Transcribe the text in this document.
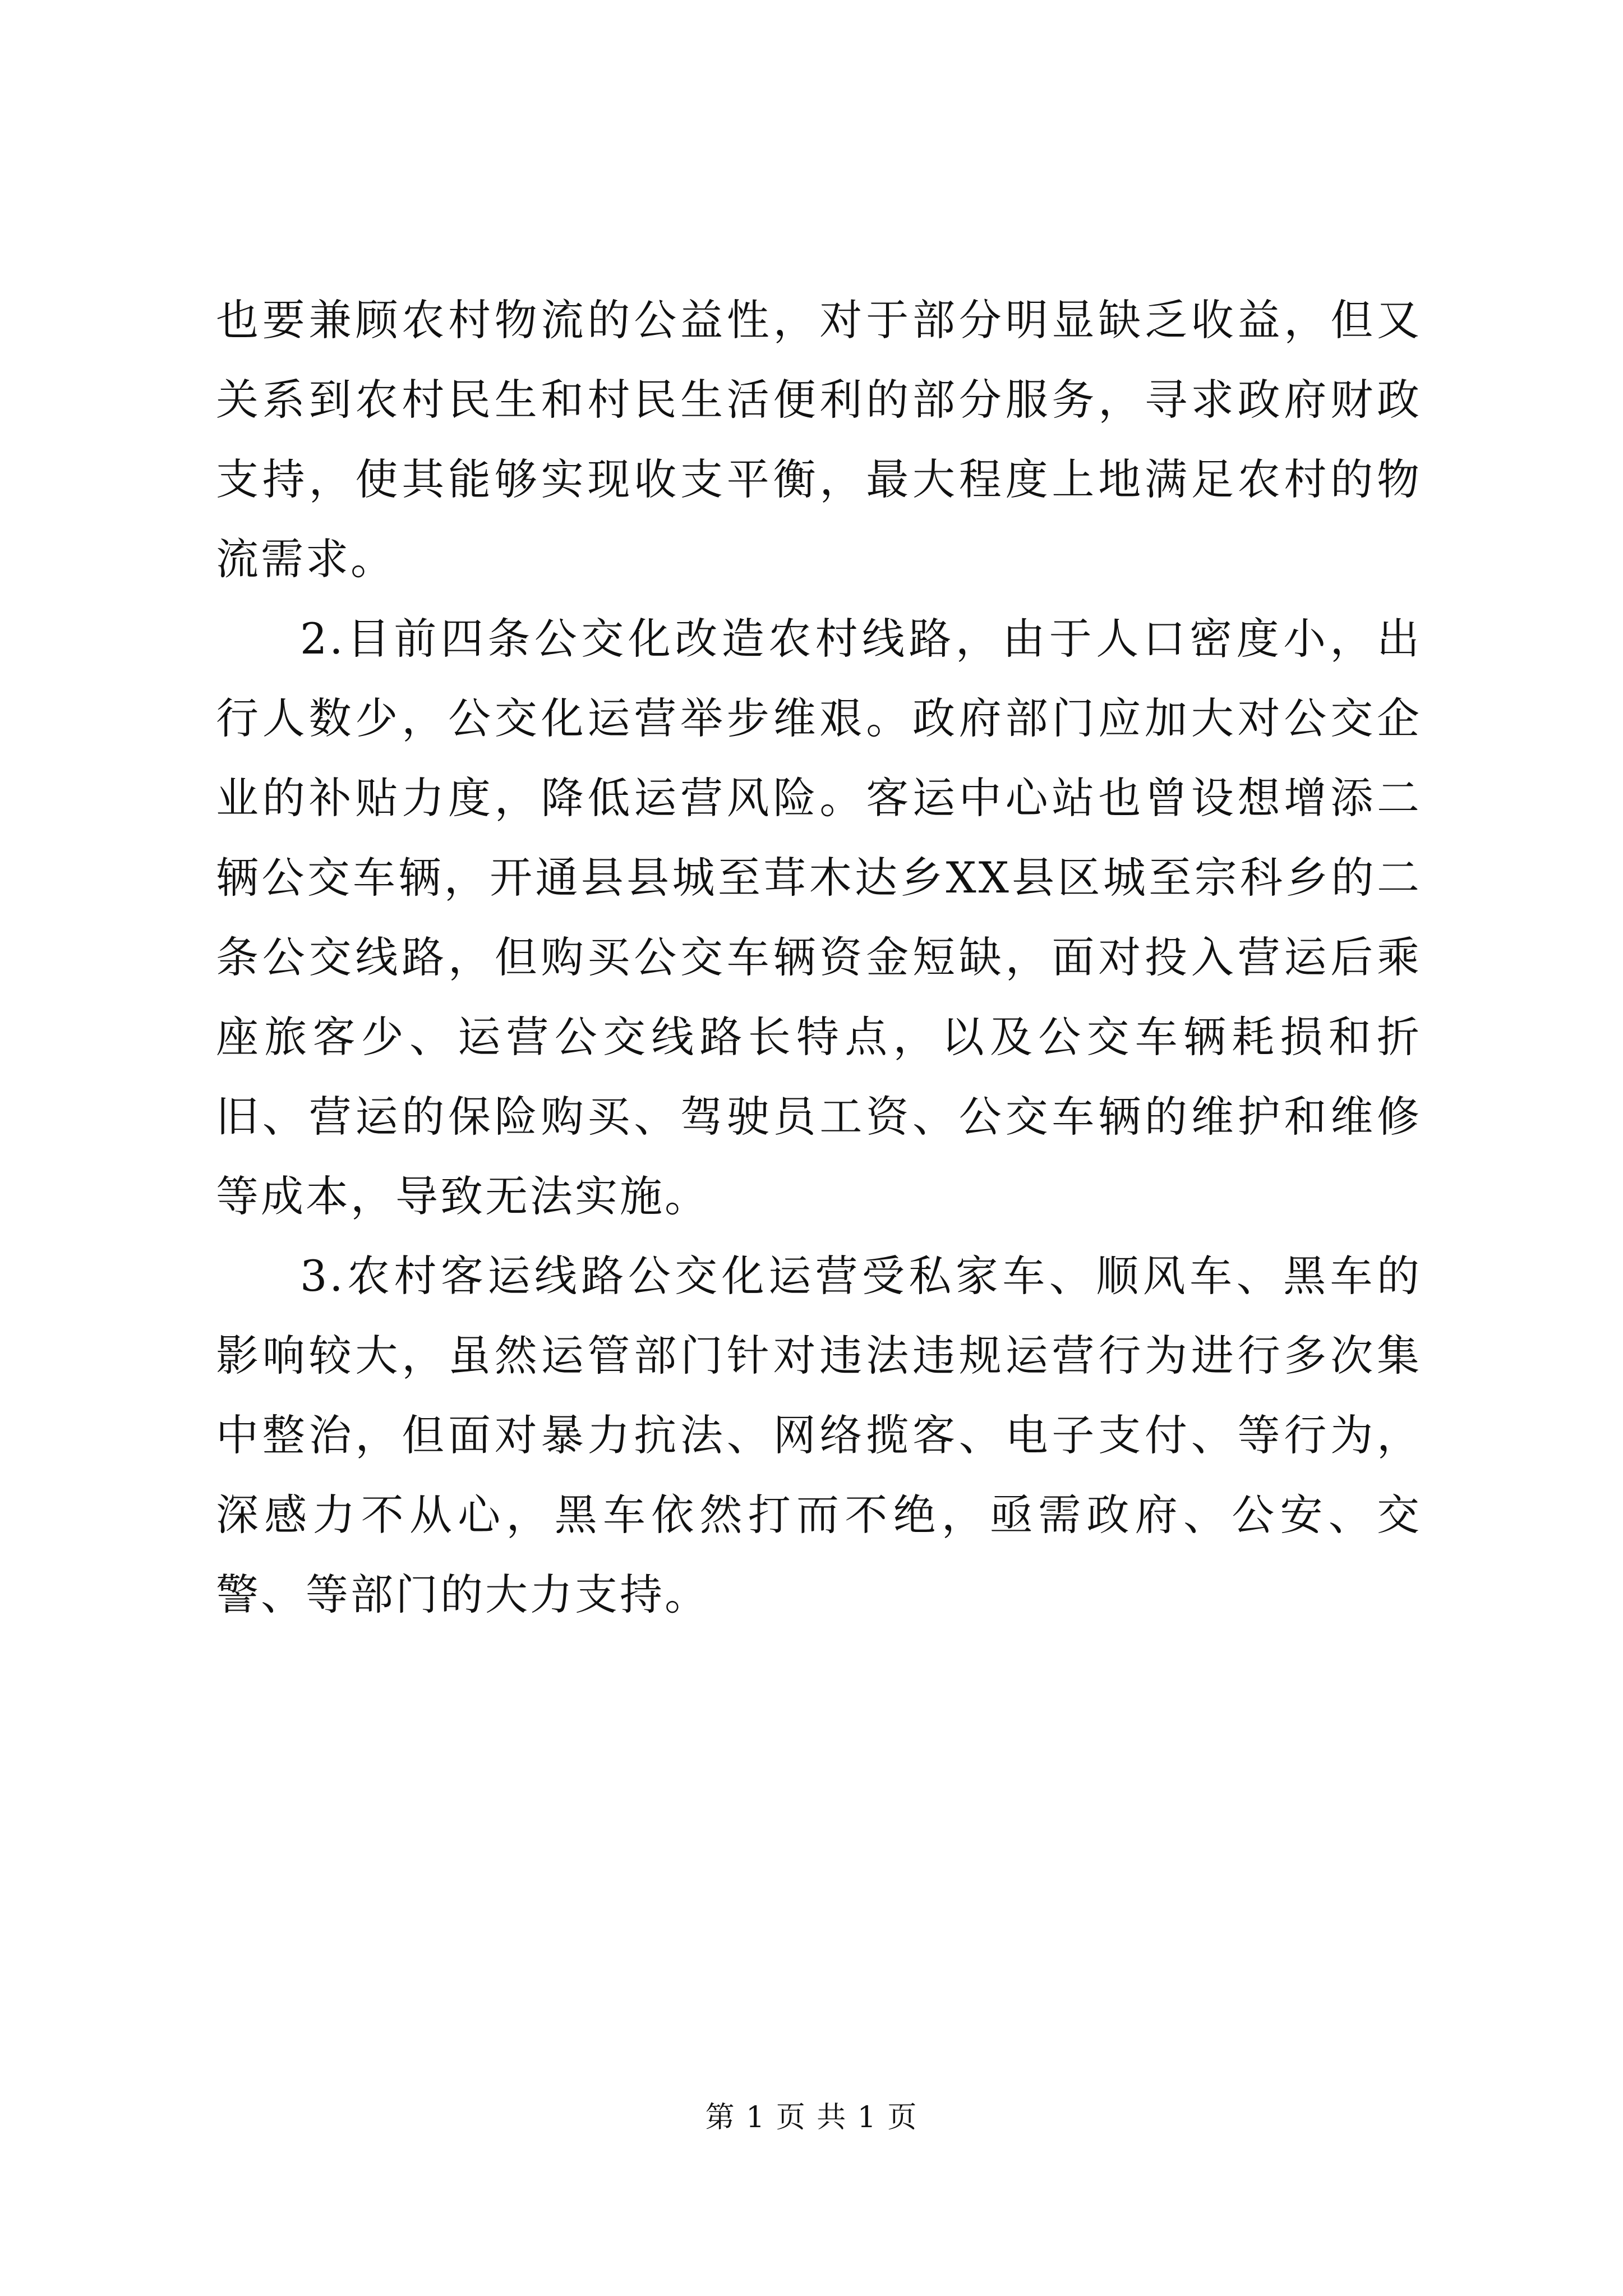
也要兼顾农村物流的公益性，对于部分明显缺乏收益，但又关系到农村民生和村民生活便利的部分服务，寻求政府财政支持，使其能够实现收支平衡，最大程度上地满足农村的物流需求。

2.目前四条公交化改造农村线路，由于人口密度小，出行人数少，公交化运营举步维艰。政府部门应加大对公交企业的补贴力度，降低运营风险。客运中心站也曾设想增添二辆公交车辆，开通县县城至茸木达乡XX县区城至宗科乡的二条公交线路，但购买公交车辆资金短缺，面对投入营运后乘座旅客少、运营公交线路长特点，以及公交车辆耗损和折旧、营运的保险购买、驾驶员工资、公交车辆的维护和维修等成本，导致无法实施。

3.农村客运线路公交化运营受私家车、顺风车、黑车的影响较大，虽然运管部门针对违法违规运营行为进行多次集中整治，但面对暴力抗法、网络揽客、电子支付、等行为，深感力不从心，黑车依然打而不绝，亟需政府、公安、交警、等部门的大力支持。

第 1 页 共 1 页
